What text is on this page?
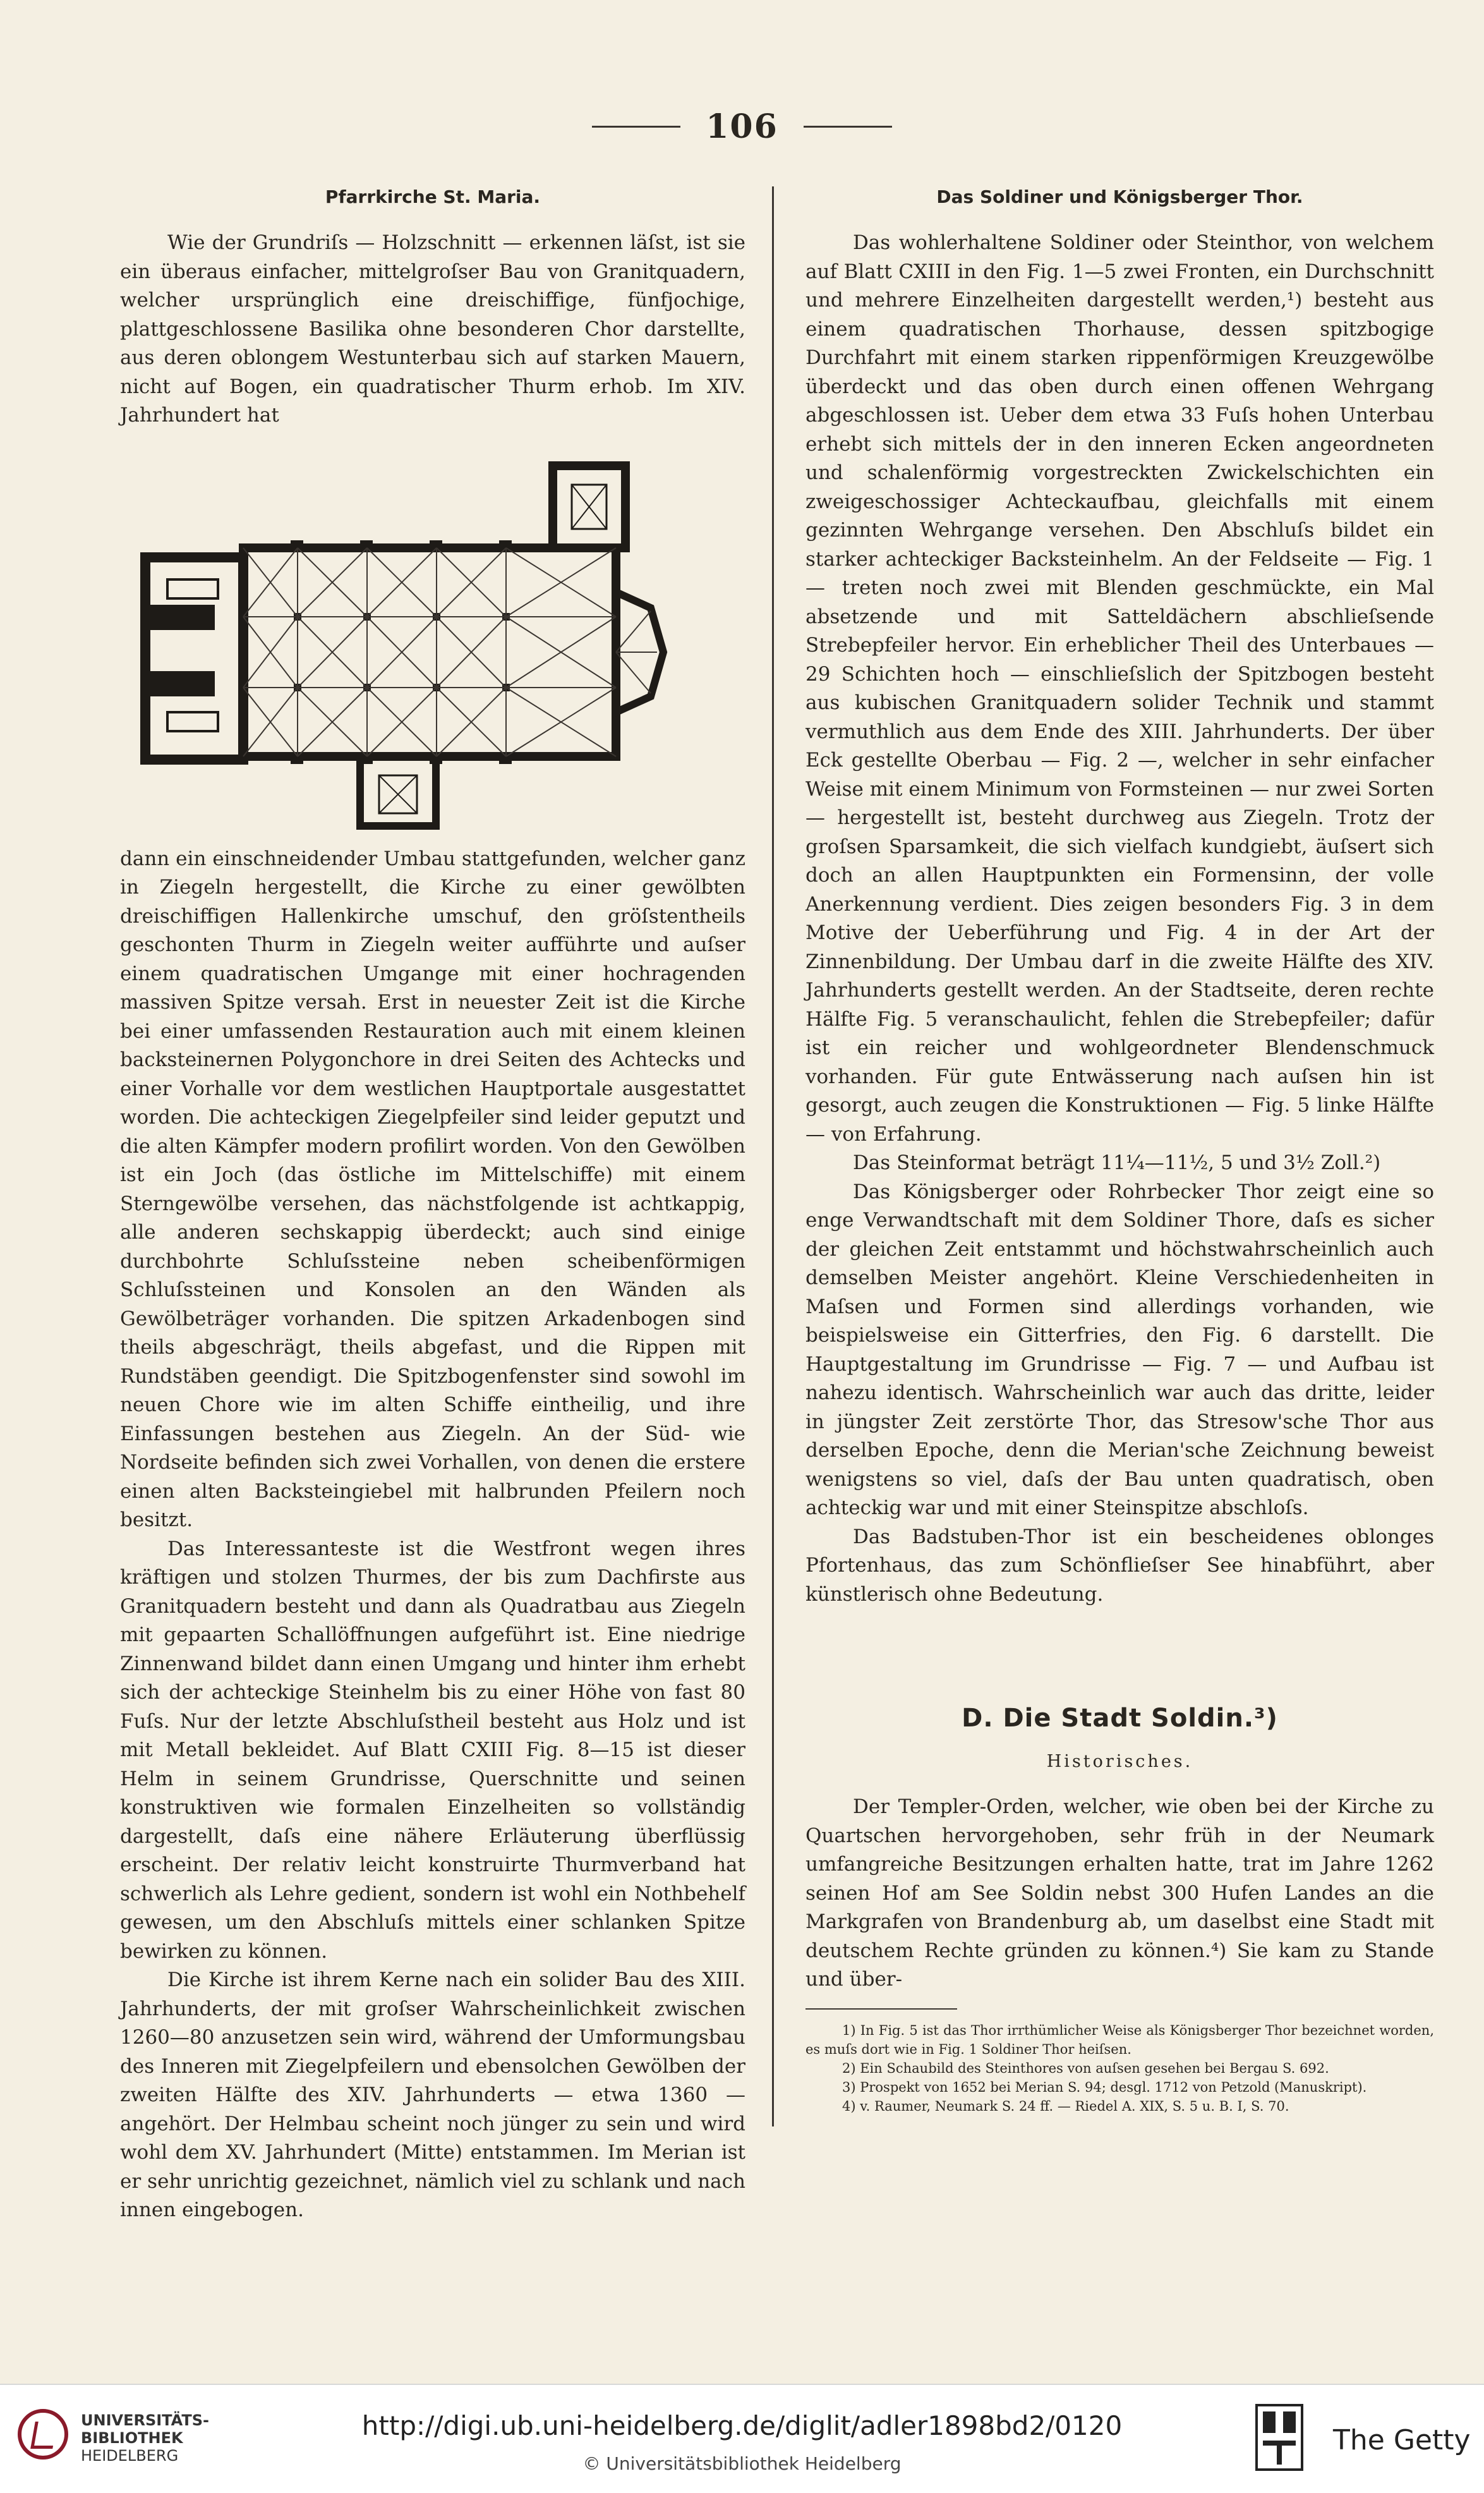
106
Pfarrkirche St. Maria.

Wie der Grundriſs — Holzschnitt — erkennen läſst, ist sie ein überaus einfacher, mittelgroſser Bau von Granitquadern, welcher ursprünglich eine dreischiffige, fünfjochige, plattgeschlossene Basilika ohne besonderen Chor darstellte, aus deren oblongem Westunterbau sich auf starken Mauern, nicht auf Bogen, ein quadratischer Thurm erhob. Im XIV. Jahrhundert hat

dann ein einschneidender Umbau stattgefunden, welcher ganz in Ziegeln hergestellt, die Kirche zu einer gewölbten dreischiffigen Hallenkirche umschuf, den gröſstentheils geschonten Thurm in Ziegeln weiter aufführte und auſser einem quadratischen Umgange mit einer hochragenden massiven Spitze versah. Erst in neuester Zeit ist die Kirche bei einer umfassenden Restauration auch mit einem kleinen backsteinernen Polygonchore in drei Seiten des Achtecks und einer Vorhalle vor dem westlichen Hauptportale ausgestattet worden. Die achteckigen Ziegelpfeiler sind leider geputzt und die alten Kämpfer modern profilirt worden. Von den Gewölben ist ein Joch (das östliche im Mittelschiffe) mit einem Sterngewölbe versehen, das nächstfolgende ist achtkappig, alle anderen sechskappig überdeckt; auch sind einige durchbohrte Schluſssteine neben scheibenförmigen Schluſssteinen und Konsolen an den Wänden als Gewölbeträger vorhanden. Die spitzen Arkadenbogen sind theils abgeschrägt, theils abgefast, und die Rippen mit Rundstäben geendigt. Die Spitzbogenfenster sind sowohl im neuen Chore wie im alten Schiffe eintheilig, und ihre Einfassungen bestehen aus Ziegeln. An der Süd- wie Nordseite befinden sich zwei Vorhallen, von denen die erstere einen alten Backsteingiebel mit halbrunden Pfeilern noch besitzt.

Das Interessanteste ist die Westfront wegen ihres kräftigen und stolzen Thurmes, der bis zum Dachfirste aus Granitquadern besteht und dann als Quadratbau aus Ziegeln mit gepaarten Schallöffnungen aufgeführt ist. Eine niedrige Zinnenwand bildet dann einen Umgang und hinter ihm erhebt sich der achteckige Steinhelm bis zu einer Höhe von fast 80 Fuſs. Nur der letzte Abschluſstheil besteht aus Holz und ist mit Metall bekleidet. Auf Blatt CXIII Fig. 8—15 ist dieser Helm in seinem Grundrisse, Querschnitte und seinen konstruktiven wie formalen Einzelheiten so vollständig dargestellt, daſs eine nähere Erläuterung überflüssig erscheint. Der relativ leicht konstruirte Thurmverband hat schwerlich als Lehre gedient, sondern ist wohl ein Nothbehelf gewesen, um den Abschluſs mittels einer schlanken Spitze bewirken zu können.

Die Kirche ist ihrem Kerne nach ein solider Bau des XIII. Jahrhunderts, der mit groſser Wahrscheinlichkeit zwischen 1260—80 anzusetzen sein wird, während der Umformungsbau des Inneren mit Ziegelpfeilern und ebensolchen Gewölben der zweiten Hälfte des XIV. Jahrhunderts — etwa 1360 — angehört. Der Helmbau scheint noch jünger zu sein und wird wohl dem XV. Jahrhundert (Mitte) entstammen. Im Merian ist er sehr unrichtig gezeichnet, nämlich viel zu schlank und nach innen eingebogen.

Das Soldiner und Königsberger Thor.

Das wohlerhaltene Soldiner oder Steinthor, von welchem auf Blatt CXIII in den Fig. 1—5 zwei Fronten, ein Durchschnitt und mehrere Einzelheiten dargestellt werden,¹) besteht aus einem quadratischen Thorhause, dessen spitzbogige Durchfahrt mit einem starken rippenförmigen Kreuzgewölbe überdeckt und das oben durch einen offenen Wehrgang abgeschlossen ist. Ueber dem etwa 33 Fuſs hohen Unterbau erhebt sich mittels der in den inneren Ecken angeordneten und schalenförmig vorgestreckten Zwickelschichten ein zweigeschossiger Achteckaufbau, gleichfalls mit einem gezinnten Wehrgange versehen. Den Abschluſs bildet ein starker achteckiger Backsteinhelm. An der Feldseite — Fig. 1 — treten noch zwei mit Blenden geschmückte, ein Mal absetzende und mit Satteldächern abschlieſsende Strebepfeiler hervor. Ein erheblicher Theil des Unterbaues — 29 Schichten hoch — einschlieſslich der Spitzbogen besteht aus kubischen Granitquadern solider Technik und stammt vermuthlich aus dem Ende des XIII. Jahrhunderts. Der über Eck gestellte Oberbau — Fig. 2 —, welcher in sehr einfacher Weise mit einem Minimum von Formsteinen — nur zwei Sorten — hergestellt ist, besteht durchweg aus Ziegeln. Trotz der groſsen Sparsamkeit, die sich vielfach kundgiebt, äuſsert sich doch an allen Hauptpunkten ein Formensinn, der volle Anerkennung verdient. Dies zeigen besonders Fig. 3 in dem Motive der Ueberführung und Fig. 4 in der Art der Zinnenbildung. Der Umbau darf in die zweite Hälfte des XIV. Jahrhunderts gestellt werden. An der Stadtseite, deren rechte Hälfte Fig. 5 veranschaulicht, fehlen die Strebepfeiler; dafür ist ein reicher und wohlgeordneter Blendenschmuck vorhanden. Für gute Entwässerung nach auſsen hin ist gesorgt, auch zeugen die Konstruktionen — Fig. 5 linke Hälfte — von Erfahrung.

Das Steinformat beträgt 11¼—11½, 5 und 3½ Zoll.²)

Das Königsberger oder Rohrbecker Thor zeigt eine so enge Verwandtschaft mit dem Soldiner Thore, daſs es sicher der gleichen Zeit entstammt und höchstwahrscheinlich auch demselben Meister angehört. Kleine Verschiedenheiten in Maſsen und Formen sind allerdings vorhanden, wie beispielsweise ein Gitterfries, den Fig. 6 darstellt. Die Hauptgestaltung im Grundrisse — Fig. 7 — und Aufbau ist nahezu identisch. Wahrscheinlich war auch das dritte, leider in jüngster Zeit zerstörte Thor, das Stresow'sche Thor aus derselben Epoche, denn die Merian'sche Zeichnung beweist wenigstens so viel, daſs der Bau unten quadratisch, oben achteckig war und mit einer Steinspitze abschloſs.

Das Badstuben-Thor ist ein bescheidenes oblonges Pfortenhaus, das zum Schönflieſser See hinabführt, aber künstlerisch ohne Bedeutung.

D. Die Stadt Soldin.³)
Historisches.

Der Templer-Orden, welcher, wie oben bei der Kirche zu Quartschen hervorgehoben, sehr früh in der Neumark umfangreiche Besitzungen erhalten hatte, trat im Jahre 1262 seinen Hof am See Soldin nebst 300 Hufen Landes an die Markgrafen von Brandenburg ab, um daselbst eine Stadt mit deutschem Rechte gründen zu können.⁴) Sie kam zu Stande und über-

1) In Fig. 5 ist das Thor irrthümlicher Weise als Königsberger Thor bezeichnet worden, es muſs dort wie in Fig. 1 Soldiner Thor heiſsen.

2) Ein Schaubild des Steinthores von auſsen gesehen bei Bergau S. 692.

3) Prospekt von 1652 bei Merian S. 94; desgl. 1712 von Petzold (Manuskript).

4) v. Raumer, Neumark S. 24 ff. — Riedel A. XIX, S. 5 u. B. I, S. 70.

UNIVERSITÄTS-
BIBLIOTHEK
HEIDELBERG
http://digi.ub.uni-heidelberg.de/diglit/adler1898bd2/0120
© Universitätsbibliothek Heidelberg
The Getty
